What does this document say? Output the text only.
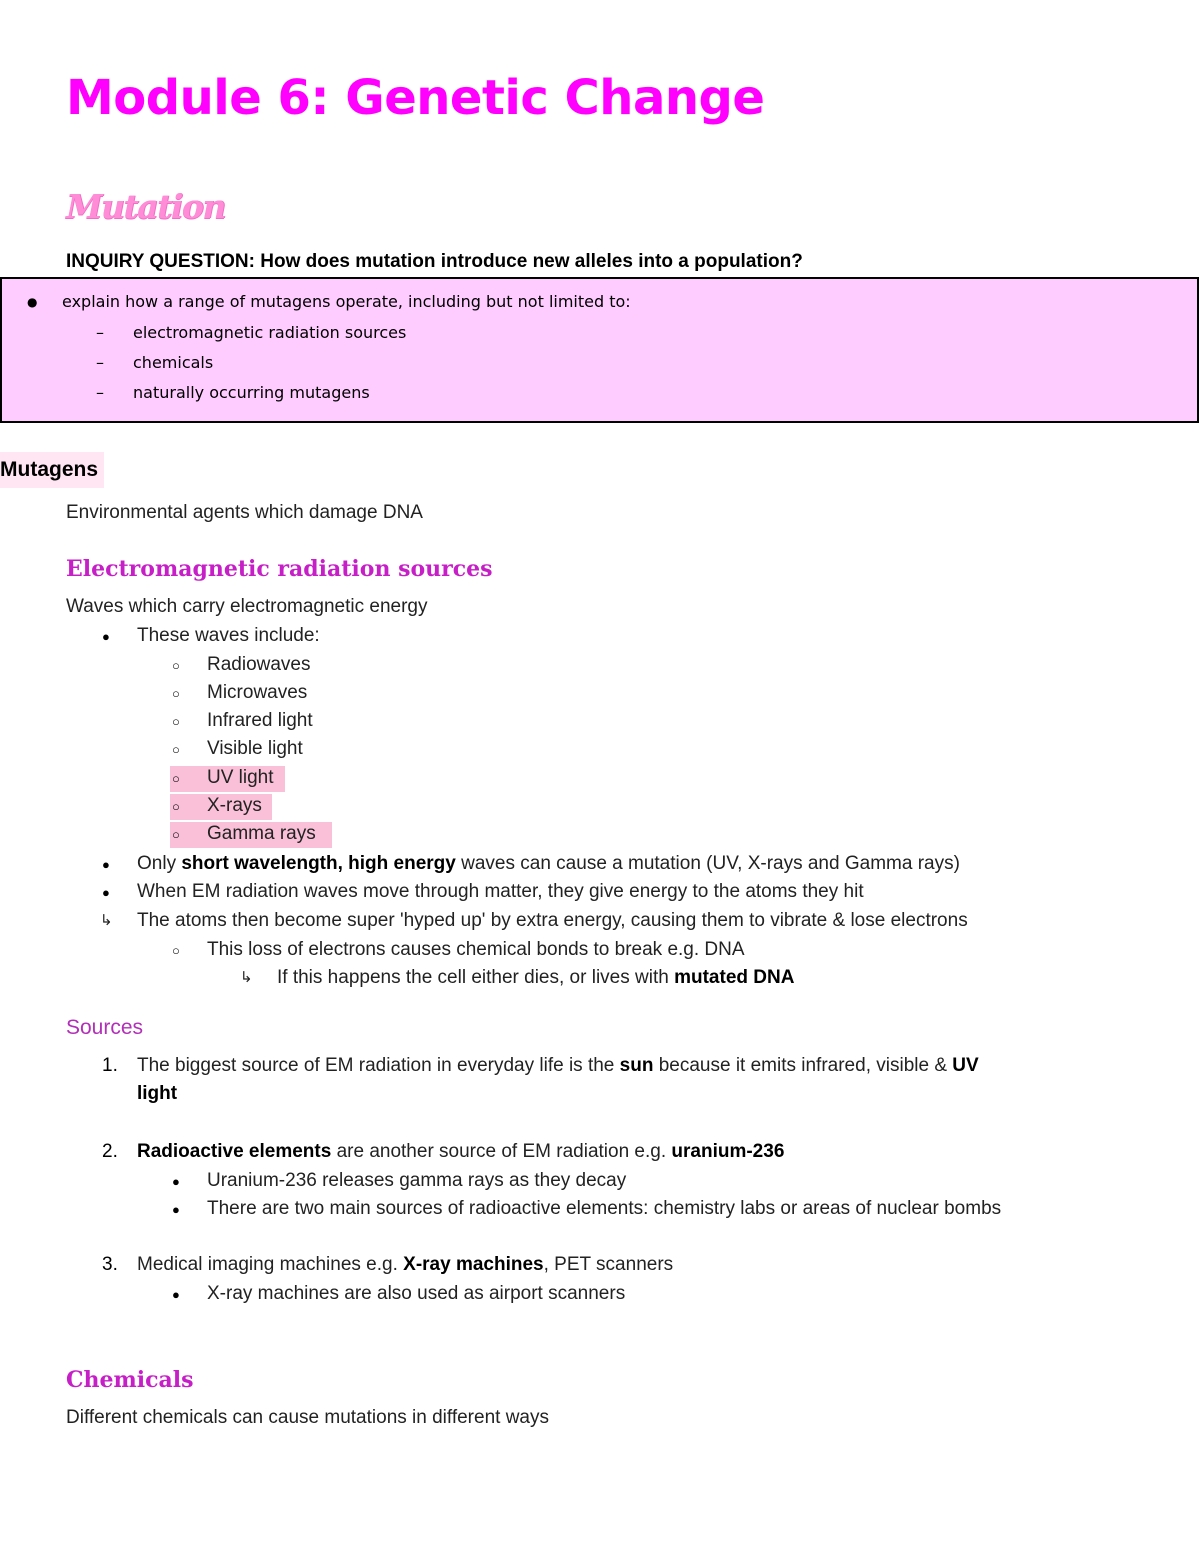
Module 6: Genetic Change
Mutation
INQUIRY QUESTION: How does mutation introduce new alleles into a population?
● explain how a range of mutagens operate, including but not limited to:
– electromagnetic radiation sources
– chemicals
– naturally occurring mutagens
Mutagens
Environmental agents which damage DNA
Electromagnetic radiation sources
Waves which carry electromagnetic energy
● These waves include:
○ Radiowaves
○ Microwaves
○ Infrared light
○ Visible light
○ UV light
○ X-rays
○ Gamma rays
● Only short wavelength, high energy waves can cause a mutation (UV, X-rays and Gamma rays)
● When EM radiation waves move through matter, they give energy to the atoms they hit
↳ The atoms then become super 'hyped up' by extra energy, causing them to vibrate & lose electrons
○ This loss of electrons causes chemical bonds to break e.g. DNA
↳ If this happens the cell either dies, or lives with mutated DNA
Sources
1. The biggest source of EM radiation in everyday life is the sun because it emits infrared, visible & UV
light
2. Radioactive elements are another source of EM radiation e.g. uranium-236
● Uranium-236 releases gamma rays as they decay
● There are two main sources of radioactive elements: chemistry labs or areas of nuclear bombs
3. Medical imaging machines e.g. X-ray machines, PET scanners
● X-ray machines are also used as airport scanners
Chemicals
Different chemicals can cause mutations in different ways
